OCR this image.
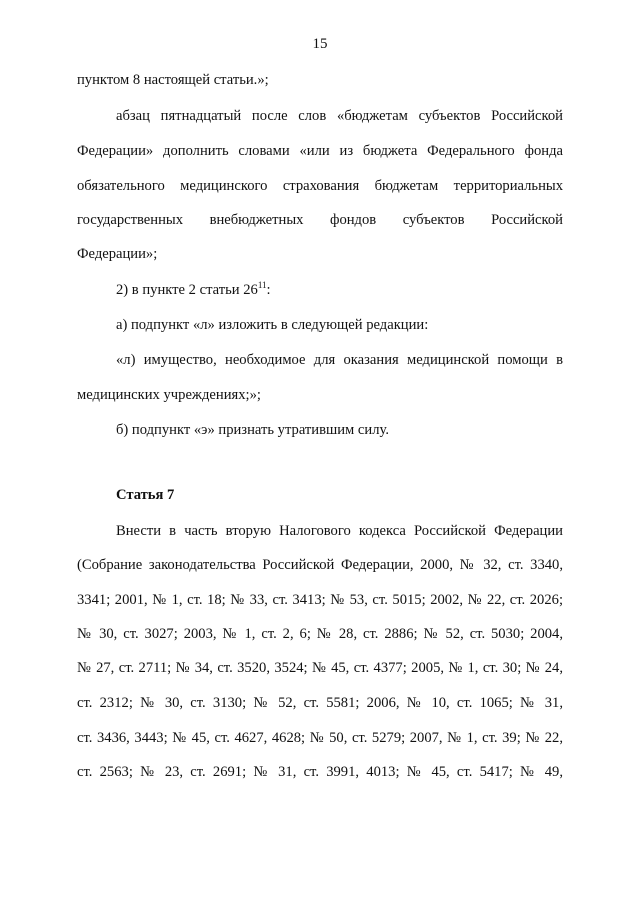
15
пунктом 8 настоящей статьи.»;
абзац пятнадцатый после слов «бюджетам субъектов Российской
Федерации» дополнить словами «или из бюджета Федерального фонда
обязательного медицинского страхования бюджетам территориальных
государственных внебюджетных фондов субъектов Российской
Федерации»;
2) в пункте 2 статьи $26^{11}$:
а) подпункт «л» изложить в следующей редакции:
«л) имущество, необходимое для оказания медицинской помощи в
медицинских учреждениях;»;
б) подпункт «э» признать утратившим силу.
Статья 7
Внести в часть вторую Налогового кодекса Российской Федерации
(Собрание законодательства Российской Федерации, 2000, № 32, ст. 3340,
3341; 2001, № 1, ст. 18; № 33, ст. 3413; № 53, ст. 5015; 2002, № 22, ст. 2026;
№ 30, ст. 3027; 2003, № 1, ст. 2, 6; № 28, ст. 2886; № 52, ст. 5030; 2004,
№ 27, ст. 2711; № 34, ст. 3520, 3524; № 45, ст. 4377; 2005, № 1, ст. 30; № 24,
ст. 2312; № 30, ст. 3130; № 52, ст. 5581; 2006, № 10, ст. 1065; № 31,
ст. 3436, 3443; № 45, ст. 4627, 4628; № 50, ст. 5279; 2007, № 1, ст. 39; № 22,
ст. 2563; № 23, ст. 2691; № 31, ст. 3991, 4013; № 45, ст. 5417; № 49,
